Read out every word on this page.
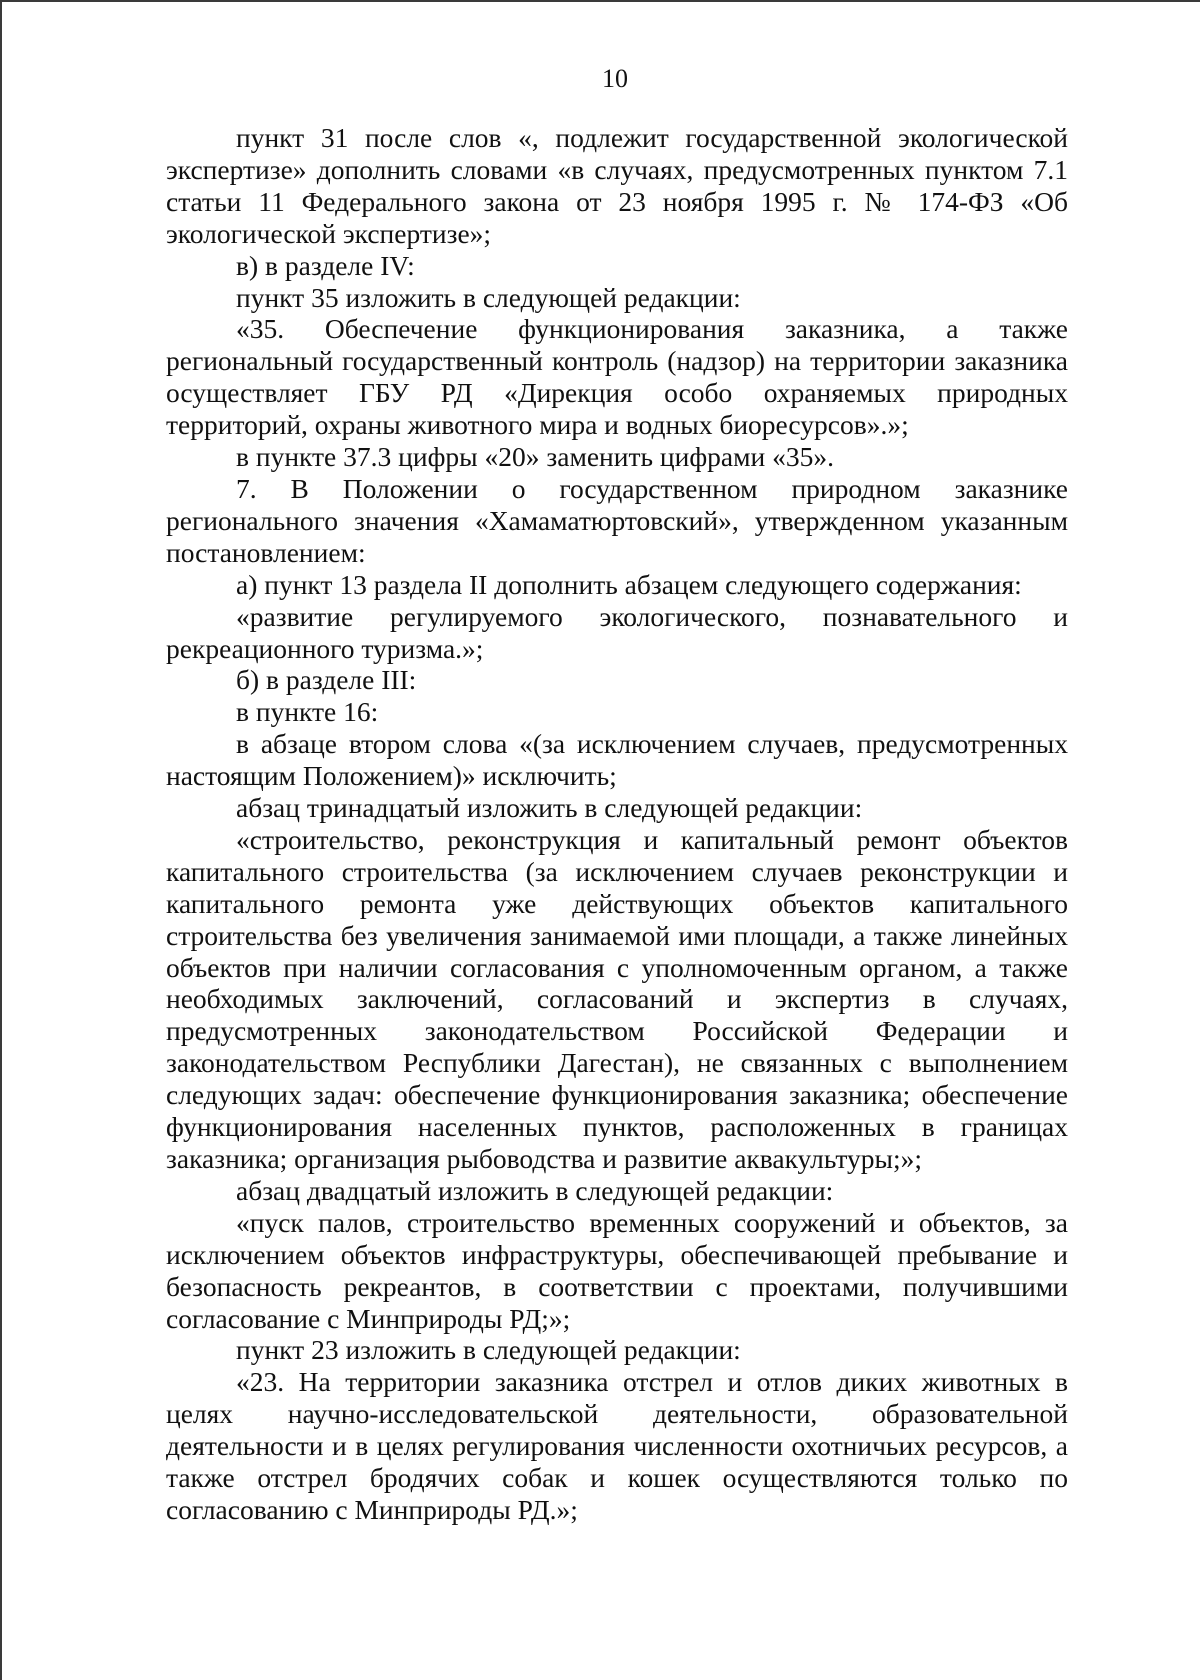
10

пункт 31 после слов «, подлежит государственной экологической экспертизе» дополнить словами «в случаях, предусмотренных пунктом 7.1 статьи 11 Федерального закона от 23 ноября 1995 г. № 174-ФЗ «Об экологической экспертизе»;

в) в разделе IV:

пункт 35 изложить в следующей редакции:

«35. Обеспечение функционирования заказника, а также региональный государственный контроль (надзор) на территории заказника осуществляет ГБУ РД «Дирекция особо охраняемых природных территорий, охраны животного мира и водных биоресурсов».»;

в пункте 37.3 цифры «20» заменить цифрами «35».

7. В Положении о государственном природном заказнике регионального значения «Хамаматюртовский», утвержденном указанным постановлением:

а) пункт 13 раздела II дополнить абзацем следующего содержания:

«развитие регулируемого экологического, познавательного и рекреационного туризма.»;

б) в разделе III:

в пункте 16:

в абзаце втором слова «(за исключением случаев, предусмотренных настоящим Положением)» исключить;

абзац тринадцатый изложить в следующей редакции:

«строительство, реконструкция и капитальный ремонт объектов капитального строительства (за исключением случаев реконструкции и капитального ремонта уже действующих объектов капитального строительства без увеличения занимаемой ими площади, а также линейных объектов при наличии согласования с уполномоченным органом, а также необходимых заключений, согласований и экспертиз в случаях, предусмотренных законодательством Российской Федерации и законодательством Республики Дагестан), не связанных с выполнением следующих задач: обеспечение функционирования заказника; обеспечение функционирования населенных пунктов, расположенных в границах заказника; организация рыбоводства и развитие аквакультуры;»;

абзац двадцатый изложить в следующей редакции:

«пуск палов, строительство временных сооружений и объектов, за исключением объектов инфраструктуры, обеспечивающей пребывание и безопасность рекреантов, в соответствии с проектами, получившими согласование с Минприроды РД;»;

пункт 23 изложить в следующей редакции:

«23. На территории заказника отстрел и отлов диких животных в целях научно-исследовательской деятельности, образовательной деятельности и в целях регулирования численности охотничьих ресурсов, а также отстрел бродячих собак и кошек осуществляются только по согласованию с Минприроды РД.»;
